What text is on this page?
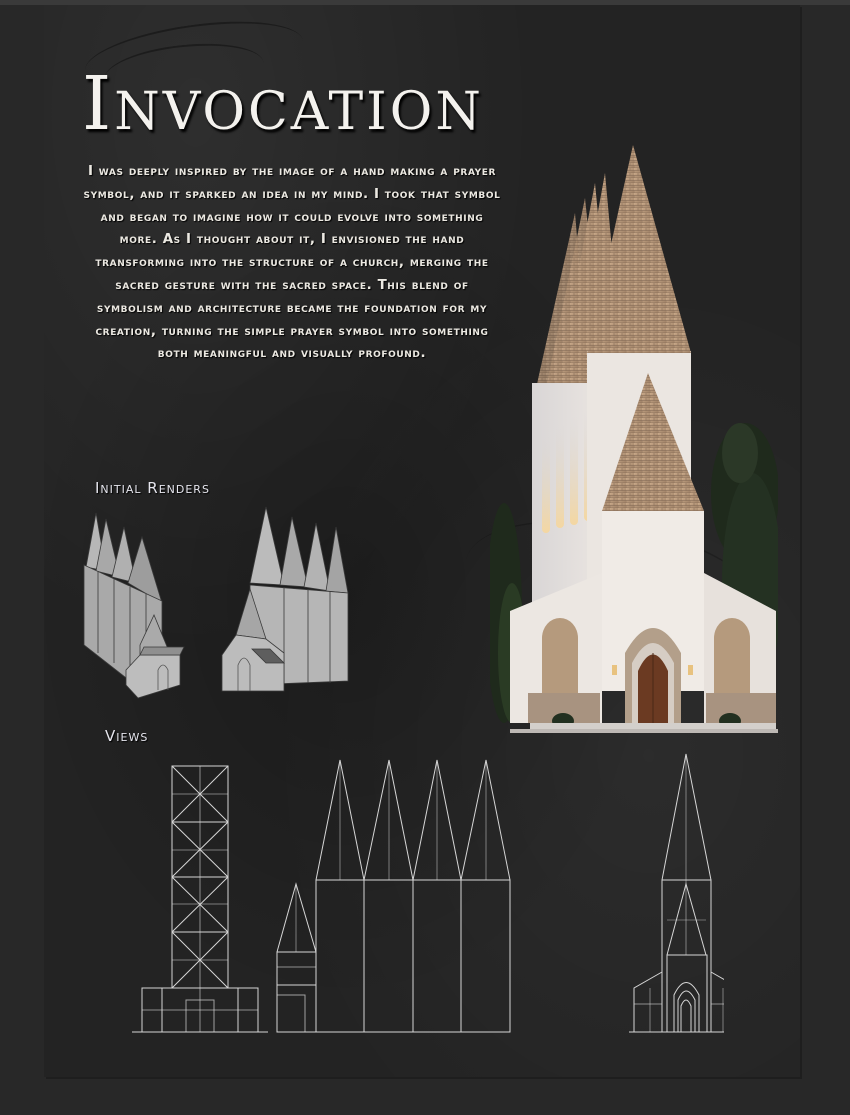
Invocation

I was deeply inspired by the image of a hand making a prayer symbol, and it sparked an idea in my mind. I took that symbol and began to imagine how it could evolve into something more. As I thought about it, I envisioned the hand transforming into the structure of a church, merging the sacred gesture with the sacred space. This blend of symbolism and architecture became the foundation for my creation, turning the simple prayer symbol into something both meaningful and visually profound.

Initial Renders
Views
